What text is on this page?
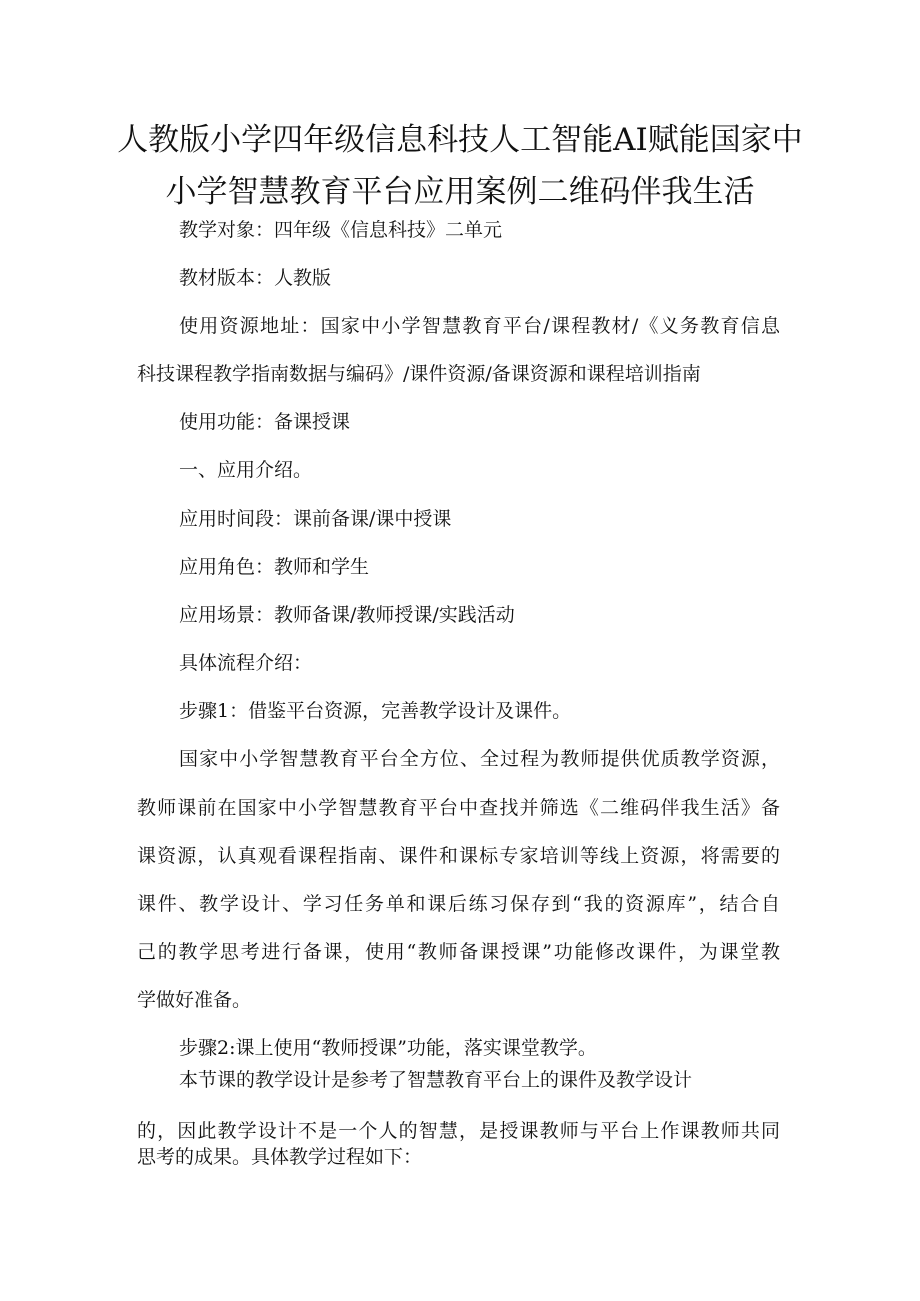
人教版小学四年级信息科技人工智能AI赋能国家中
小学智慧教育平台应用案例二维码伴我生活
教学对象：四年级《信息科技》二单元
教材版本：人教版
使用资源地址：国家中小学智慧教育平台/课程教材/《义务教育信息
科技课程教学指南数据与编码》/课件资源/备课资源和课程培训指南
使用功能：备课授课
一、应用介绍。
应用时间段：课前备课/课中授课
应用角色：教师和学生
应用场景：教师备课/教师授课/实践活动
具体流程介绍：
步骤1：借鉴平台资源，完善教学设计及课件。
国家中小学智慧教育平台全方位、全过程为教师提供优质教学资源，
教师课前在国家中小学智慧教育平台中查找并筛选《二维码伴我生活》备
课资源，认真观看课程指南、课件和课标专家培训等线上资源，将需要的
课件、教学设计、学习任务单和课后练习保存到“我的资源库”，结合自
己的教学思考进行备课，使用“教师备课授课”功能修改课件，为课堂教
学做好准备。
步骤2:课上使用“教师授课”功能，落实课堂教学。
本节课的教学设计是参考了智慧教育平台上的课件及教学设计
的，因此教学设计不是一个人的智慧，是授课教师与平台上作课教师共同
思考的成果。具体教学过程如下：
